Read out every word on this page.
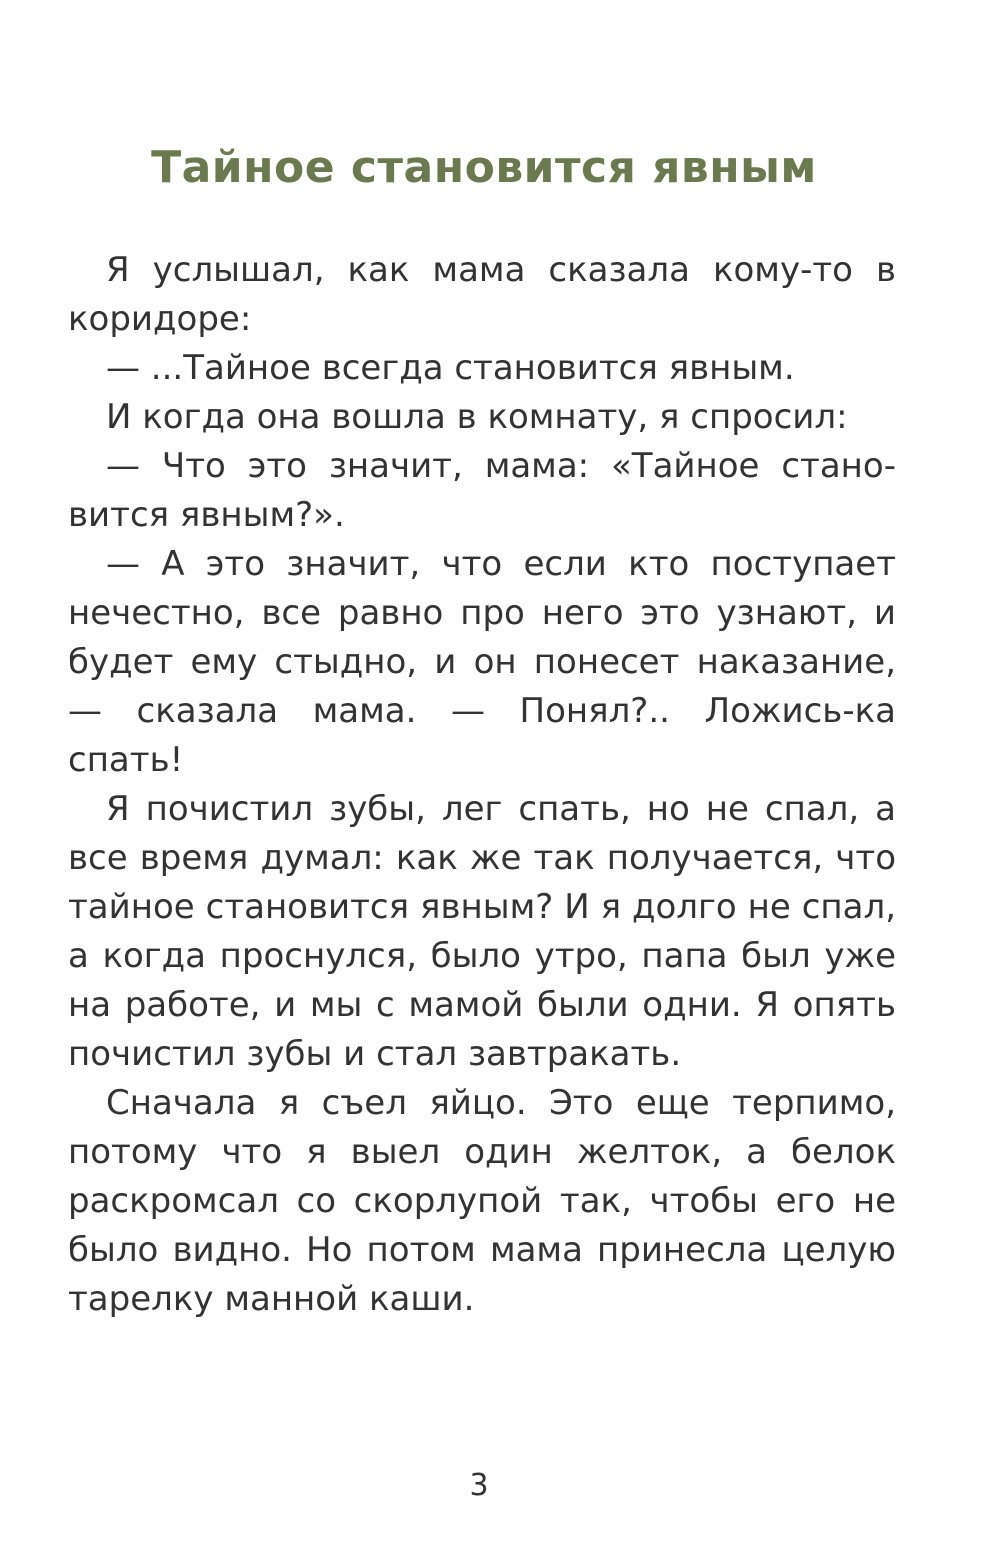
Тайное становится явным

Я услышал, как мама сказала кому-то в коридоре:

— ...Тайное всегда становится явным.

И когда она вошла в комнату, я спросил:

— Что это значит, мама: «Тайное становится явным?».

— А это значит, что если кто поступает нечестно, все равно про него это узнают, и будет ему стыдно, и он понесет наказание, — сказала мама. — Понял?.. Ложись-ка спать!

Я почистил зубы, лег спать, но не спал, а все время думал: как же так получается, что тайное становится явным? И я долго не спал, а когда проснулся, было утро, папа был уже на работе, и мы с мамой были одни. Я опять почистил зубы и стал завтракать.

Сначала я съел яйцо. Это еще терпимо, потому что я выел один желток, а белок раскромсал со скорлупой так, чтобы его не было видно. Но потом мама принесла целую тарелку манной каши.

3
